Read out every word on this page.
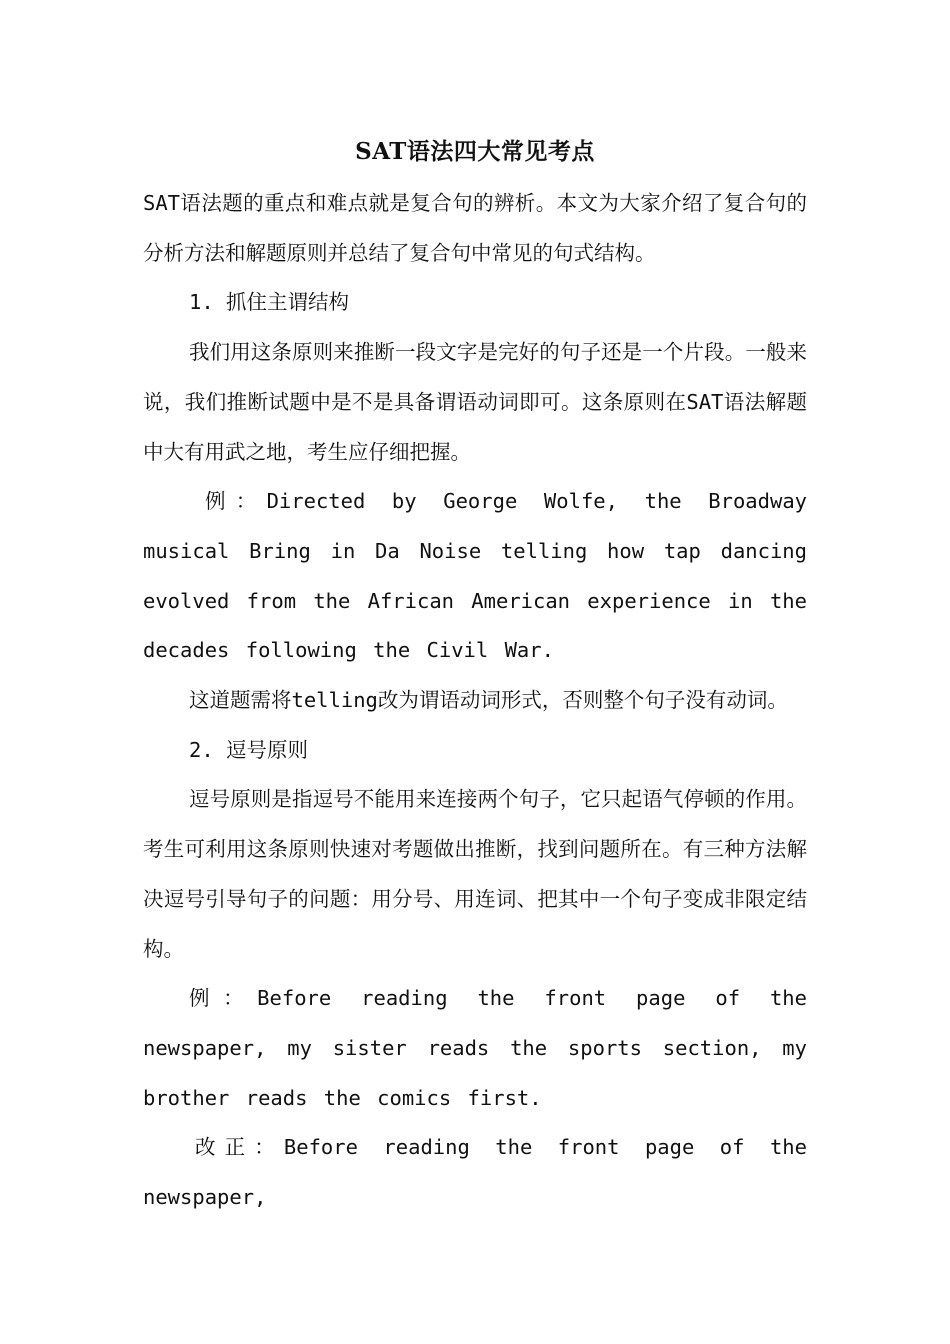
SAT语法四大常见考点

SAT语法题的重点和难点就是复合句的辨析。本文为大家介绍了复合句的分析方法和解题原则并总结了复合句中常见的句式结构。

1. 抓住主谓结构

我们用这条原则来推断一段文字是完好的句子还是一个片段。一般来说，我们推断试题中是不是具备谓语动词即可。这条原则在SAT语法解题中大有用武之地，考生应仔细把握。

例：Directed by George Wolfe, the Broadway musical Bring in Da Noise telling how tap dancing evolved from the African American experience in the decades following the Civil War.

这道题需将telling改为谓语动词形式，否则整个句子没有动词。

2. 逗号原则

逗号原则是指逗号不能用来连接两个句子，它只起语气停顿的作用。考生可利用这条原则快速对考题做出推断，找到问题所在。有三种方法解决逗号引导句子的问题：用分号、用连词、把其中一个句子变成非限定结构。

例：Before reading the front page of the newspaper, my sister reads the sports section, my brother reads the comics first.

改正：Before reading the front page of the newspaper,
